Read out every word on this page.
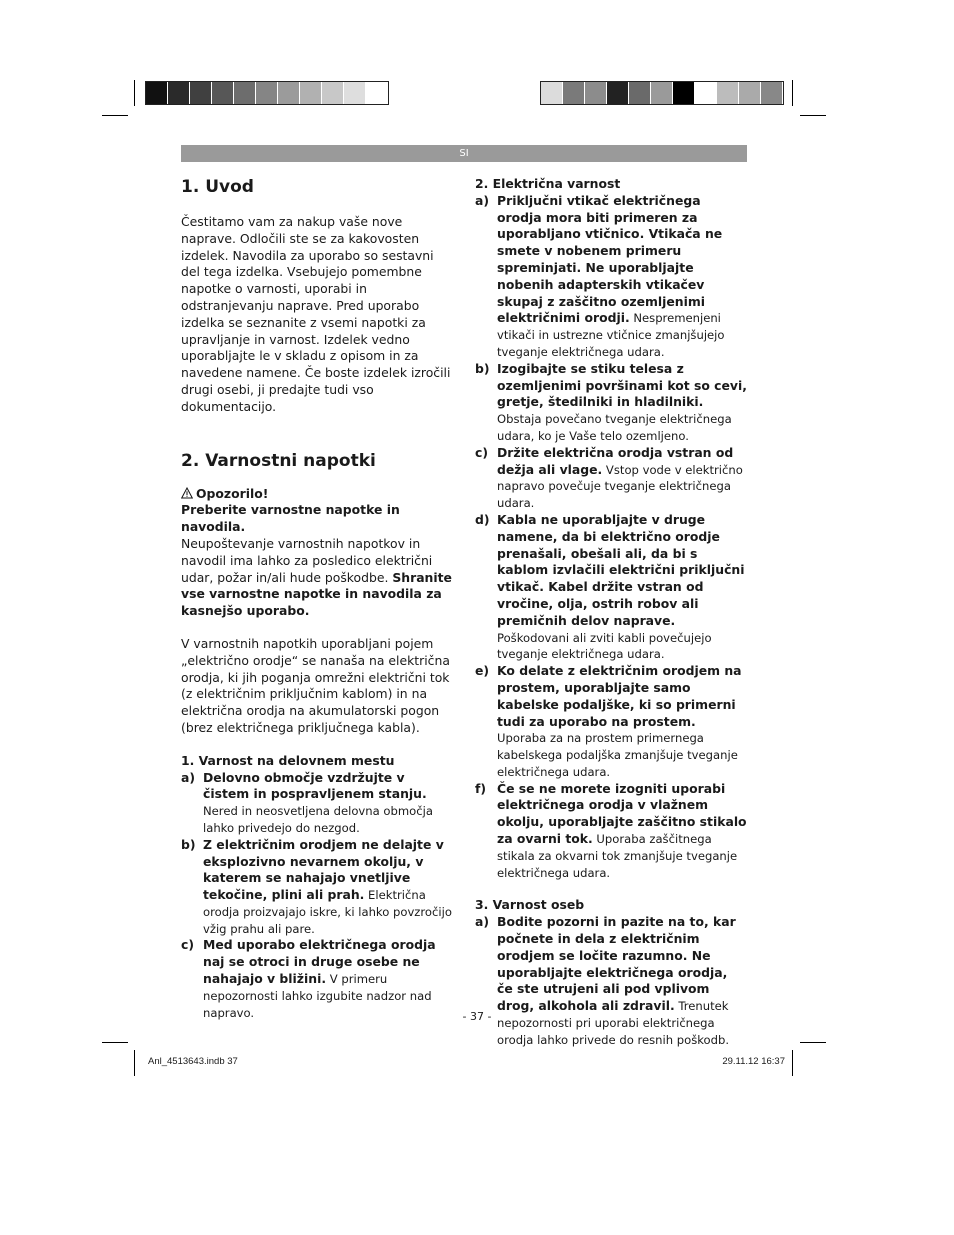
SI
1. Uvod

Čestitamo vam za nakup vaše nove naprave. Odločili ste se za kakovosten izdelek. Navodila za uporabo so sestavni del tega izdelka. Vsebujejo pomembne napotke o varnosti, uporabi in odstranjevanju naprave. Pred uporabo izdelka se seznanite z vsemi napotki za upravljanje in varnost. Izdelek vedno uporabljajte le v skladu z opisom in za navedene namene. Če boste izdelek izročili drugi osebi, ji predajte tudi vso dokumentacijo.

2. Varnostni napotki

Opozorilo!

Preberite varnostne napotke in navodila.

Neupoštevanje varnostnih napotkov in navodil ima lahko za posledico električni udar, požar in/ali hude poškodbe. Shranite vse varnostne napotke in navodila za kasnejšo uporabo.

V varnostnih napotkih uporabljani pojem „električno orodje“ se nanaša na električna orodja, ki jih poganja omrežni električni tok (z električnim priključnim kablom) in na električna orodja na akumulatorski pogon (brez električnega priključnega kabla).

1. Varnost na delovnem mestu

a) Delovno območje vzdržujte v čistem in pospravljenem stanju. Nered in neosvetljena delovna območja lahko privedejo do nezgod.
b) Z električnim orodjem ne delajte v eksplozivno nevarnem okolju, v katerem se nahajajo vnetljive tekočine, plini ali prah. Električna orodja proizvajajo iskre, ki lahko povzročijo vžig prahu ali pare.
c) Med uporabo električnega orodja naj se otroci in druge osebe ne nahajajo v bližini. V primeru nepozornosti lahko izgubite nadzor nad napravo.

2. Električna varnost

a) Priključni vtikač električnega orodja mora biti primeren za uporabljano vtičnico. Vtikača ne smete v nobenem primeru spreminjati. Ne uporabljajte nobenih adapterskih vtikačev skupaj z zaščitno ozemljenimi električnimi orodji. Nespremenjeni vtikači in ustrezne vtičnice zmanjšujejo tveganje električnega udara.
b) Izogibajte se stiku telesa z ozemljenimi površinami kot so cevi, gretje, štedilniki in hladilniki. Obstaja povečano tveganje električnega udara, ko je Vaše telo ozemljeno.
c) Držite električna orodja vstran od dežja ali vlage. Vstop vode v električno napravo povečuje tveganje električnega udara.
d) Kabla ne uporabljajte v druge namene, da bi električno orodje prenašali, obešali ali, da bi s kablom izvlačili električni priključni vtikač. Kabel držite vstran od vročine, olja, ostrih robov ali premičnih delov naprave. Poškodovani ali zviti kabli povečujejo tveganje električnega udara.
e) Ko delate z električnim orodjem na prostem, uporabljajte samo kabelske podaljške, ki so primerni tudi za uporabo na prostem. Uporaba za na prostem primernega kabelskega podaljška zmanjšuje tveganje električnega udara.
f) Če se ne morete izogniti uporabi električnega orodja v vlažnem okolju, uporabljajte zaščitno stikalo za ovarni tok. Uporaba zaščitnega stikala za okvarni tok zmanjšuje tveganje električnega udara.

3. Varnost oseb

a) Bodite pozorni in pazite na to, kar počnete in dela z električnim orodjem se ločite razumno. Ne uporabljajte električnega orodja, če ste utrujeni ali pod vplivom drog, alkohola ali zdravil. Trenutek nepozornosti pri uporabi električnega orodja lahko privede do resnih poškodb.
- 37 -
Anl_4513643.indb 37	29.11.12 16:37
